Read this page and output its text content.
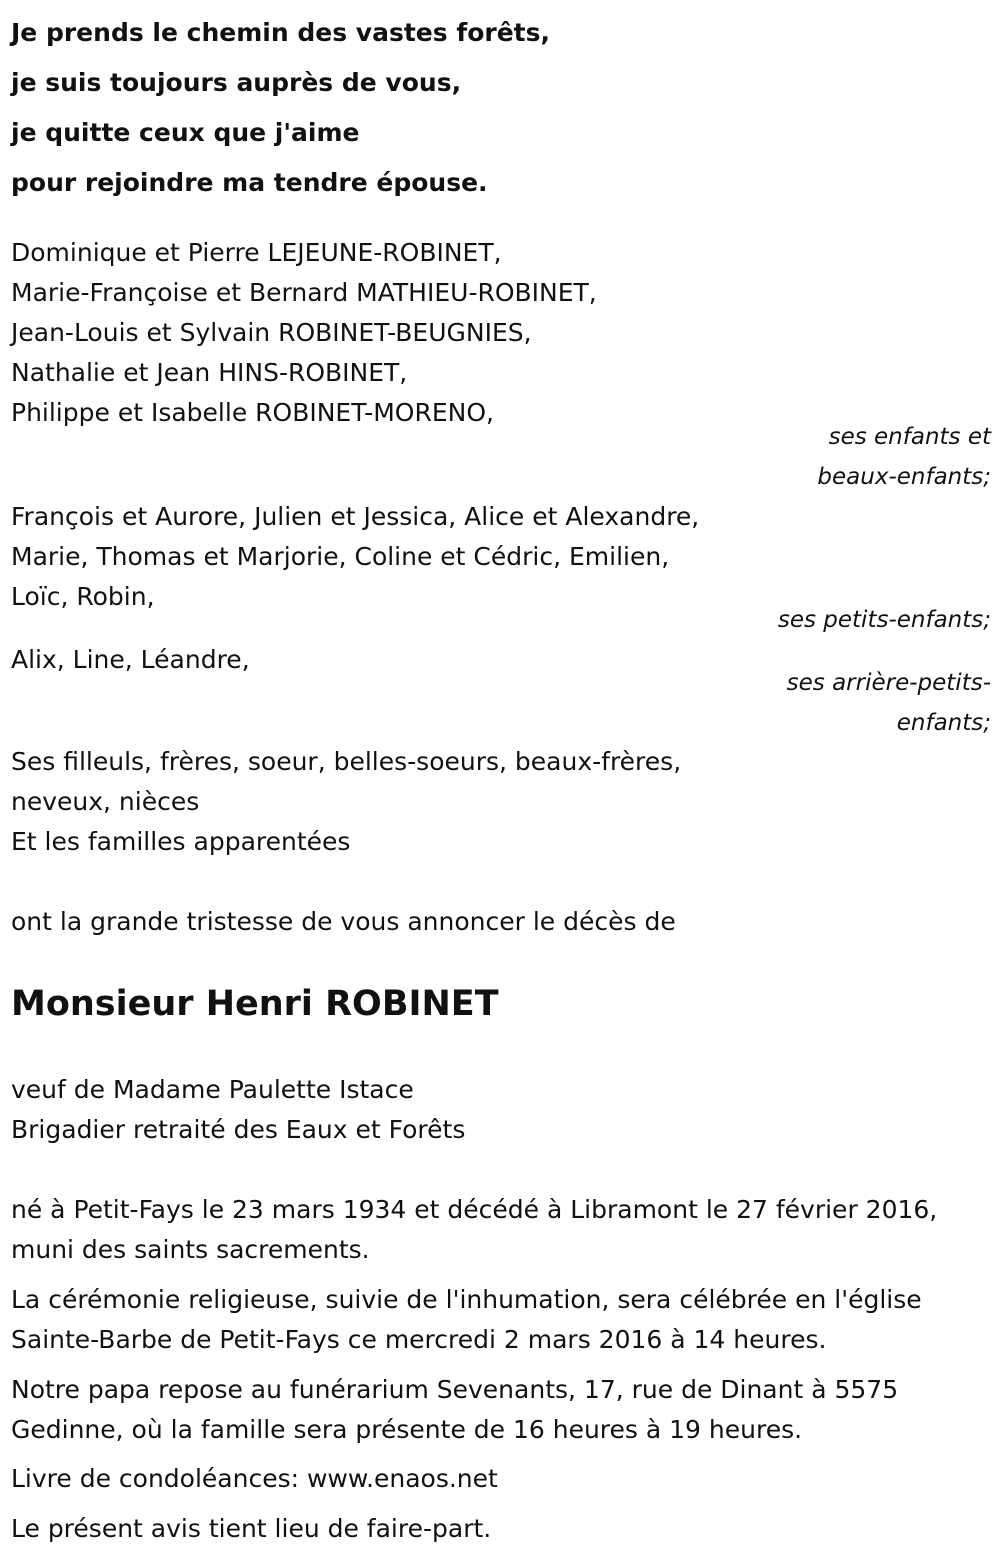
Je prends le chemin des vastes forêts,
je suis toujours auprès de vous,
je quitte ceux que j'aime
pour rejoindre ma tendre épouse.
Dominique et Pierre LEJEUNE-ROBINET,
Marie-Françoise et Bernard MATHIEU-ROBINET,
Jean-Louis et Sylvain ROBINET-BEUGNIES,
Nathalie et Jean HINS-ROBINET,
Philippe et Isabelle ROBINET-MORENO,
ses enfants et
beaux-enfants;
François et Aurore, Julien et Jessica, Alice et Alexandre,
Marie, Thomas et Marjorie, Coline et Cédric, Emilien,
Loïc, Robin,
ses petits-enfants;
Alix, Line, Léandre,
ses arrière-petits-
enfants;
Ses filleuls, frères, soeur, belles-soeurs, beaux-frères,
neveux, nièces
Et les familles apparentées
ont la grande tristesse de vous annoncer le décès de
Monsieur Henri ROBINET
veuf de Madame Paulette Istace
Brigadier retraité des Eaux et Forêts
né à Petit-Fays le 23 mars 1934 et décédé à Libramont le 27 février 2016, muni des saints sacrements.
La cérémonie religieuse, suivie de l'inhumation, sera célébrée en l'église Sainte-Barbe de Petit-Fays ce mercredi 2 mars 2016 à 14 heures.
Notre papa repose au funérarium Sevenants, 17, rue de Dinant à 5575 Gedinne, où la famille sera présente de 16 heures à 19 heures.
Livre de condoléances: www.enaos.net
Le présent avis tient lieu de faire-part.
